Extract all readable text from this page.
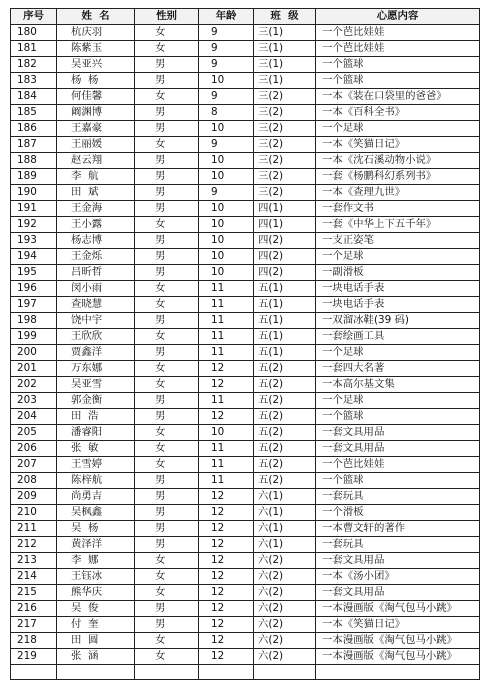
序号	姓  名	性别	年龄	班  级	心愿内容
180	杭庆羽	女	9	三(1)	一个芭比娃娃
181	陈紫玉	女	9	三(1)	一个芭比娃娃
182	吴亚兴	男	9	三(1)	一个篮球
183	杨  杨	男	10	三(1)	一个篮球
184	何佳馨	女	9	三(2)	一本《装在口袋里的爸爸》
185	阚渊博	男	8	三(2)	一本《百科全书》
186	王嘉豪	男	10	三(2)	一个足球
187	王丽媛	女	9	三(2)	一本《笑猫日记》
188	赵云翔	男	10	三(2)	一本《沈石溪动物小说》
189	李  航	男	10	三(2)	一套《杨鹏科幻系列书》
190	田  斌	男	9	三(2)	一本《查理九世》
191	王金海	男	10	四(1)	一套作文书
192	王小露	女	10	四(1)	一套《中华上下五千年》
193	杨志博	男	10	四(2)	一支正姿笔
194	王金烁	男	10	四(2)	一个足球
195	吕昕哲	男	10	四(2)	一副滑板
196	闵小雨	女	11	五(1)	一块电话手表
197	查晓慧	女	11	五(1)	一块电话手表
198	饶中宇	男	11	五(1)	一双溜冰鞋(39 码)
199	王欣欣	女	11	五(1)	一套绘画工具
200	贾鑫洋	男	11	五(1)	一个足球
201	万东娜	女	12	五(2)	一套四大名著
202	吴亚雪	女	12	五(2)	一本高尔基文集
203	郭金衡	男	11	五(2)	一个足球
204	田  浩	男	12	五(2)	一个篮球
205	潘睿阳	女	10	五(2)	一套文具用品
206	张  敏	女	11	五(2)	一套文具用品
207	王雪婷	女	11	五(2)	一个芭比娃娃
208	陈梓航	男	11	五(2)	一个篮球
209	尚勇吉	男	12	六(1)	一套玩具
210	吴枫鑫	男	12	六(1)	一个滑板
211	吴  杨	男	12	六(1)	一本曹文轩的著作
212	黄泽洋	男	12	六(1)	一套玩具
213	李  娜	女	12	六(2)	一套文具用品
214	王钰冰	女	12	六(2)	一本《汤小团》
215	熊华庆	女	12	六(2)	一套文具用品
216	吴  俊	男	12	六(2)	一本漫画版《淘气包马小跳》
217	付  奎	男	12	六(2)	一本《笑猫日记》
218	田  圆	女	12	六(2)	一本漫画版《淘气包马小跳》
219	张  涵	女	12	六(2)	一本漫画版《淘气包马小跳》
